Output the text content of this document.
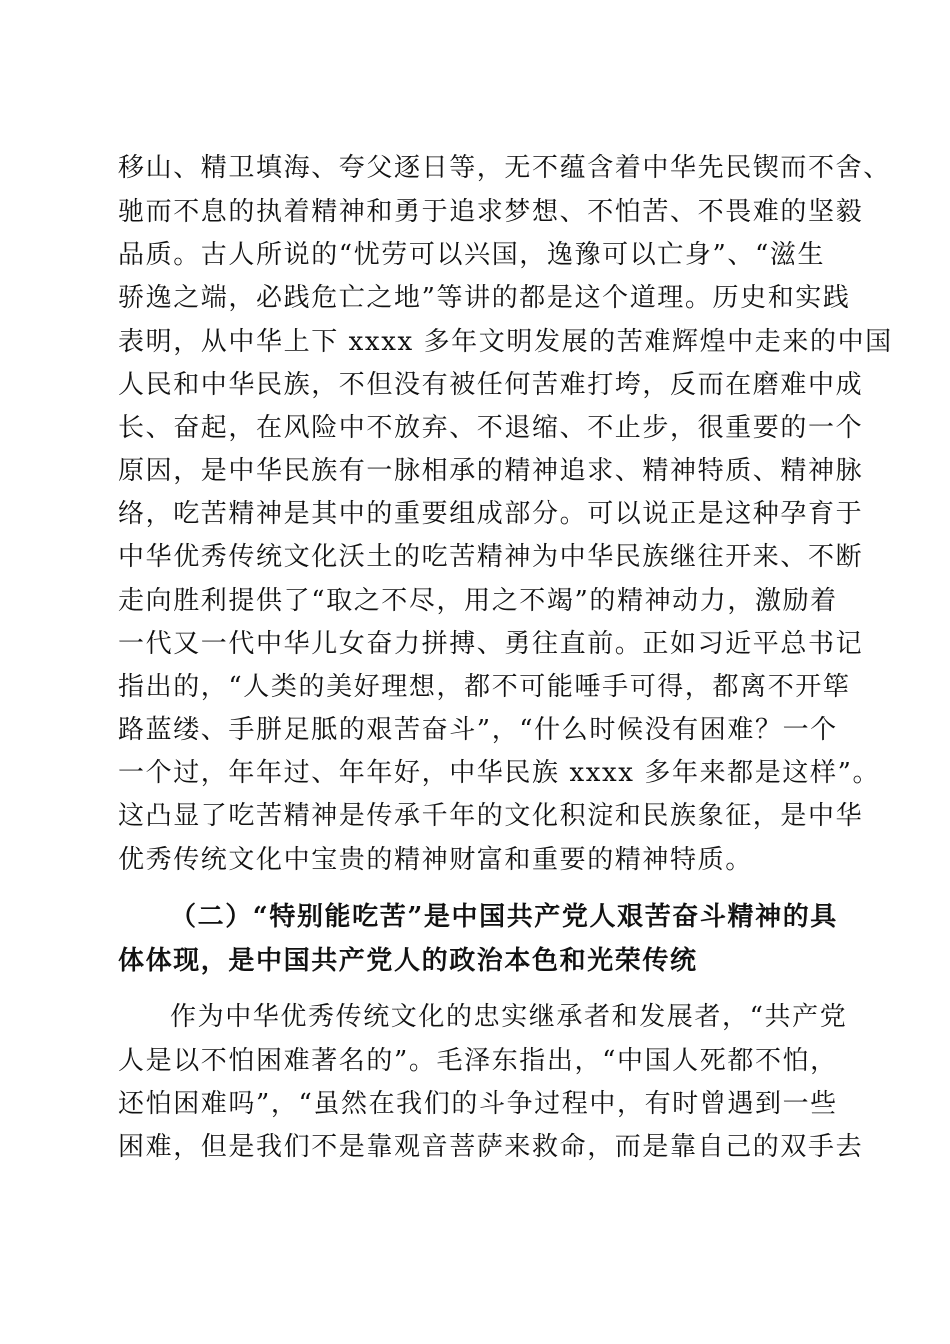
移山、精卫填海、夸父逐日等，无不蕴含着中华先民锲而不舍、
驰而不息的执着精神和勇于追求梦想、不怕苦、不畏难的坚毅
品质。古人所说的“忧劳可以兴国，逸豫可以亡身”、“滋生
骄逸之端，必践危亡之地”等讲的都是这个道理。历史和实践
表明，从中华上下 xxxx 多年文明发展的苦难辉煌中走来的中国
人民和中华民族，不但没有被任何苦难打垮，反而在磨难中成
长、奋起，在风险中不放弃、不退缩、不止步，很重要的一个
原因，是中华民族有一脉相承的精神追求、精神特质、精神脉
络，吃苦精神是其中的重要组成部分。可以说正是这种孕育于
中华优秀传统文化沃土的吃苦精神为中华民族继往开来、不断
走向胜利提供了“取之不尽，用之不竭”的精神动力，激励着
一代又一代中华儿女奋力拼搏、勇往直前。正如习近平总书记
指出的，“人类的美好理想，都不可能唾手可得，都离不开筚
路蓝缕、手胼足胝的艰苦奋斗”，“什么时候没有困难？一个
一个过，年年过、年年好，中华民族 xxxx 多年来都是这样”。
这凸显了吃苦精神是传承千年的文化积淀和民族象征，是中华
优秀传统文化中宝贵的精神财富和重要的精神特质。
（二）“特别能吃苦”是中国共产党人艰苦奋斗精神的具
体体现，是中国共产党人的政治本色和光荣传统
作为中华优秀传统文化的忠实继承者和发展者，“共产党
人是以不怕困难著名的”。毛泽东指出，“中国人死都不怕，
还怕困难吗”，“虽然在我们的斗争过程中，有时曾遇到一些
困难，但是我们不是靠观音菩萨来救命，而是靠自己的双手去
